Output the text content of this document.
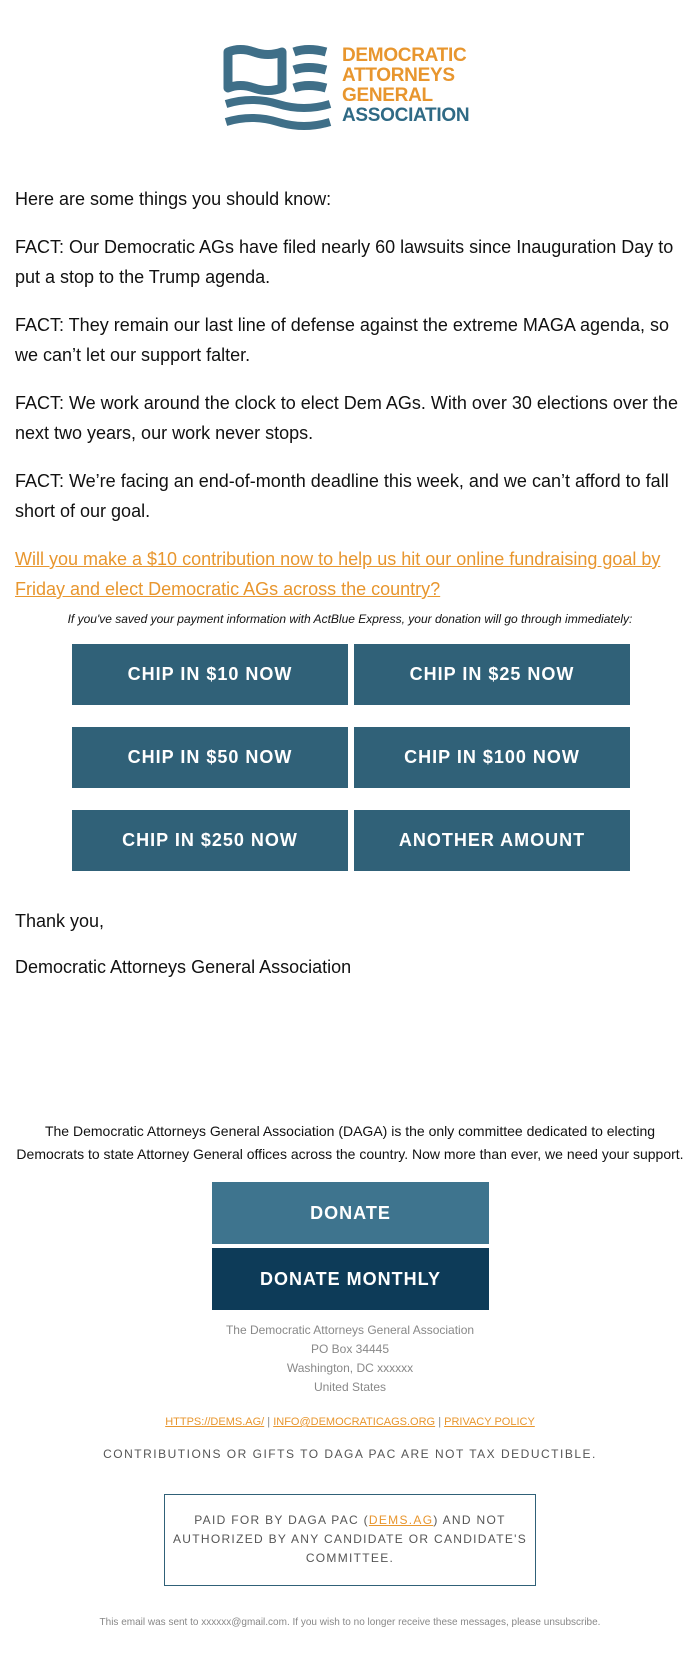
DEMOCRATIC
ATTORNEYS
GENERAL
ASSOCIATION

Here are some things you should know:

FACT: Our Democratic AGs have filed nearly 60 lawsuits since Inauguration Day to put a stop to the Trump agenda.

FACT: They remain our last line of defense against the extreme MAGA agenda, so we can’t let our support falter.

FACT: We work around the clock to elect Dem AGs. With over 30 elections over the next two years, our work never stops.

FACT: We’re facing an end-of-month deadline this week, and we can’t afford to fall short of our goal.

Will you make a $10 contribution now to help us hit our online fundraising goal by Friday and elect Democratic AGs across the country?
If you've saved your payment information with ActBlue Express, your donation will go through immediately:
CHIP IN $10 NOW	CHIP IN $25 NOW
CHIP IN $50 NOW	CHIP IN $100 NOW
CHIP IN $250 NOW	ANOTHER AMOUNT

Thank you,

Democratic Attorneys General Association

The Democratic Attorneys General Association (DAGA) is the only committee dedicated to electing Democrats to state Attorney General offices across the country. Now more than ever, we need your support.
DONATE
DONATE MONTHLY
The Democratic Attorneys General Association
PO Box 34445
Washington, DC xxxxxx
United States
HTTPS://DEMS.AG/ | INFO@DEMOCRATICAGS.ORG | PRIVACY POLICY
CONTRIBUTIONS OR GIFTS TO DAGA PAC ARE NOT TAX DEDUCTIBLE.
PAID FOR BY DAGA PAC (DEMS.AG) AND NOT AUTHORIZED BY ANY CANDIDATE OR CANDIDATE'S COMMITTEE.
This email was sent to xxxxxx@gmail.com. If you wish to no longer receive these messages, please unsubscribe.
